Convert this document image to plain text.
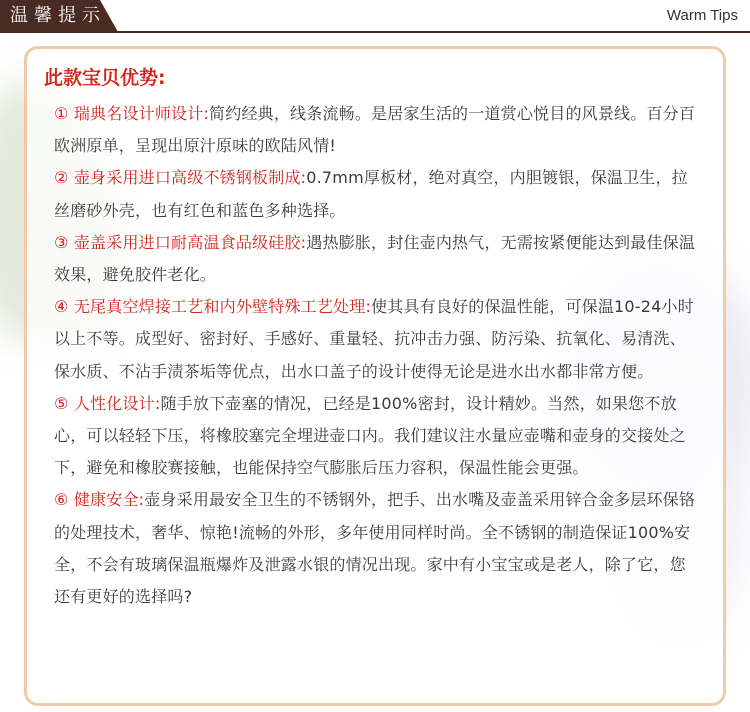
温馨提示	Warm Tips
此款宝贝优势:

① 瑞典名设计师设计:简约经典，线条流畅。是居家生活的一道赏心悦目的风景线。百分百欧洲原单，呈现出原汁原味的欧陆风情!

② 壶身采用进口高级不锈钢板制成:0.7mm厚板材，绝对真空，内胆镀银，保温卫生，拉丝磨砂外壳，也有红色和蓝色多种选择。

③ 壶盖采用进口耐高温食品级硅胶:遇热膨胀，封住壶内热气，无需按紧便能达到最佳保温效果，避免胶件老化。

④ 无尾真空焊接工艺和内外壁特殊工艺处理:使其具有良好的保温性能，可保温10-24小时以上不等。成型好、密封好、手感好、重量轻、抗冲击力强、防污染、抗氧化、易清洗、保水质、不沾手渍茶垢等优点，出水口盖子的设计使得无论是进水出水都非常方便。

⑤ 人性化设计:随手放下壶塞的情况，已经是100%密封，设计精妙。当然，如果您不放心，可以轻轻下压，将橡胶塞完全埋进壶口内。我们建议注水量应壶嘴和壶身的交接处之下，避免和橡胶赛接触，也能保持空气膨胀后压力容积，保温性能会更强。

⑥ 健康安全:壶身采用最安全卫生的不锈钢外，把手、出水嘴及壶盖采用锌合金多层环保铬的处理技术，奢华、惊艳!流畅的外形，多年使用同样时尚。全不锈钢的制造保证100%安全，不会有玻璃保温瓶爆炸及泄露水银的情况出现。家中有小宝宝或是老人，除了它，您还有更好的选择吗?
